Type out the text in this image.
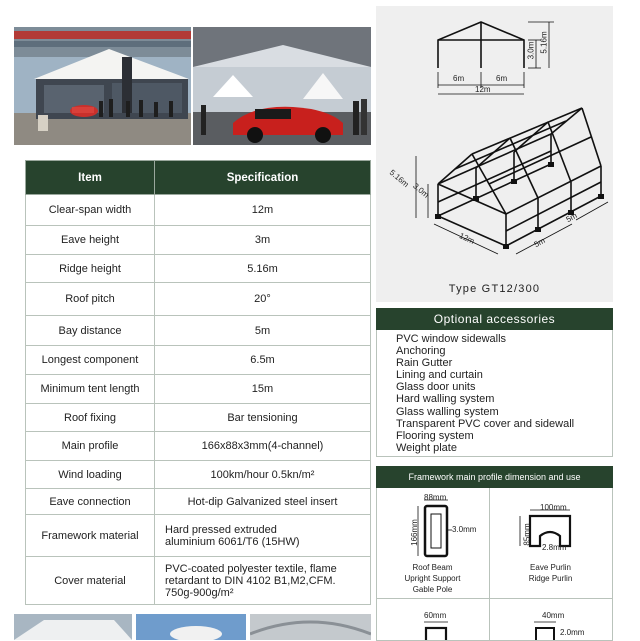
Item	Specification
Clear-span width	12m
Eave height	3m
Ridge height	5.16m
Roof pitch	20°
Bay distance	5m
Longest component	6.5m
Minimum tent length	15m
Roof fixing	Bar tensioning
Main profile	166x88x3mm(4-channel)
Wind loading	100km/hour 0.5kn/m²
Eave connection	Hot-dip Galvanized steel insert
Framework material	Hard pressed extruded
aluminium 6061/T6 (15HW)

Cover material	PVC-coated polyester textile, flame
retardant to DIN 4102 B1,M2,CFM.
750g-900g/m²
3.0m 5.16m
6m	6m
12m
5.16m
3.0m
12m	5m
5m
Type GT12/300
Optional accessories
PVC window sidewalls
Anchoring
Rain Gutter
Lining and curtain
Glass door units
Hard walling system
Glass walling system
Transparent PVC cover and sidewall
Flooring system
Weight plate
Framework main profile dimension and use
88mm
166mm	3.0mm
Roof Beam
Upright Support
Gable Pole
100mm
85mm
2.8mm
Eave Purlin
Ridge Purlin
60mm	40mm
2.0mm
